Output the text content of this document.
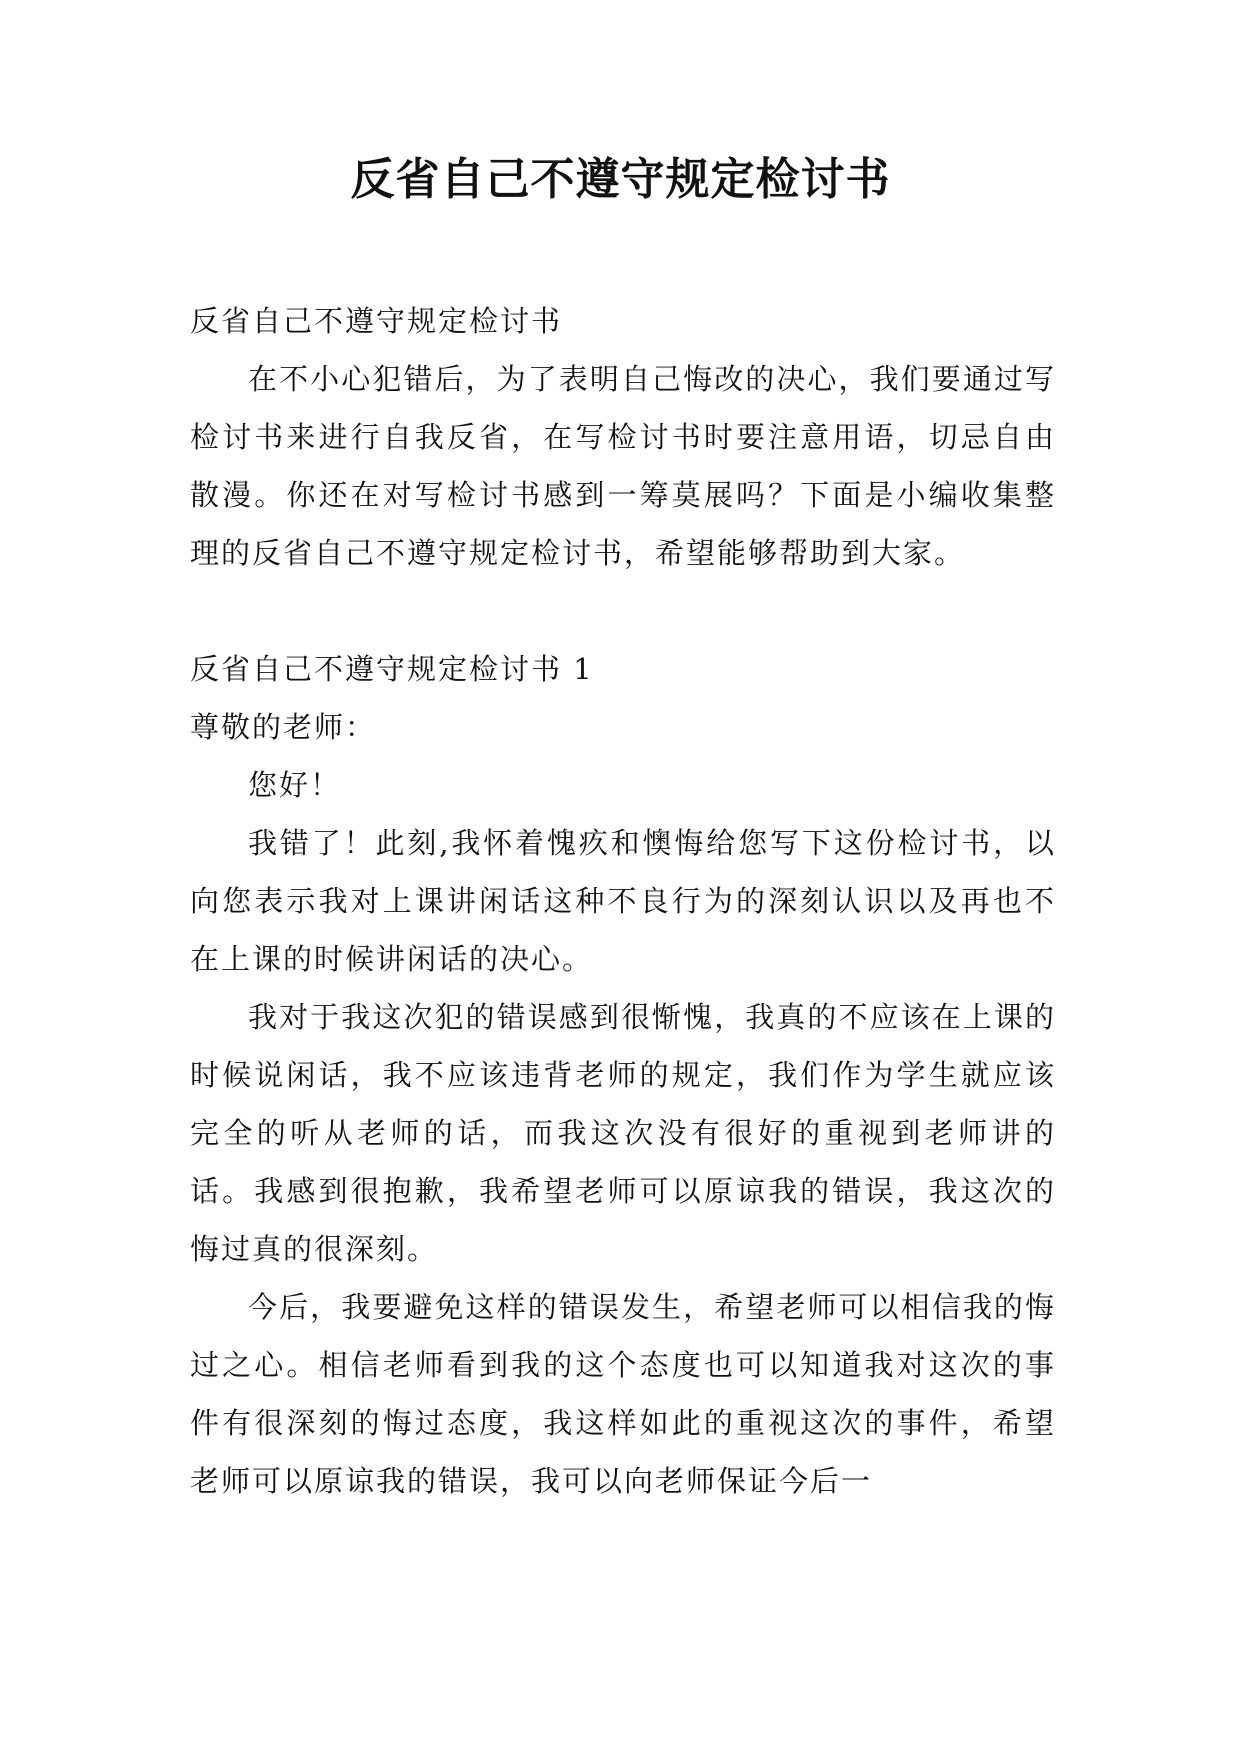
反省自己不遵守规定检讨书

反省自己不遵守规定检讨书

在不小心犯错后，为了表明自己悔改的决心，我们要通过写检讨书来进行自我反省，在写检讨书时要注意用语，切忌自由散漫。你还在对写检讨书感到一筹莫展吗？下面是小编收集整理的反省自己不遵守规定检讨书，希望能够帮助到大家。

反省自己不遵守规定检讨书 1

尊敬的老师：

您好！

我错了！此刻,我怀着愧疚和懊悔给您写下这份检讨书，以向您表示我对上课讲闲话这种不良行为的深刻认识以及再也不在上课的时候讲闲话的决心。

我对于我这次犯的错误感到很惭愧，我真的不应该在上课的时候说闲话，我不应该违背老师的规定，我们作为学生就应该完全的听从老师的话，而我这次没有很好的重视到老师讲的话。我感到很抱歉，我希望老师可以原谅我的错误，我这次的悔过真的很深刻。

今后，我要避免这样的错误发生，希望老师可以相信我的悔过之心。相信老师看到我的这个态度也可以知道我对这次的事件有很深刻的悔过态度，我这样如此的重视这次的事件，希望老师可以原谅我的错误，我可以向老师保证今后一
